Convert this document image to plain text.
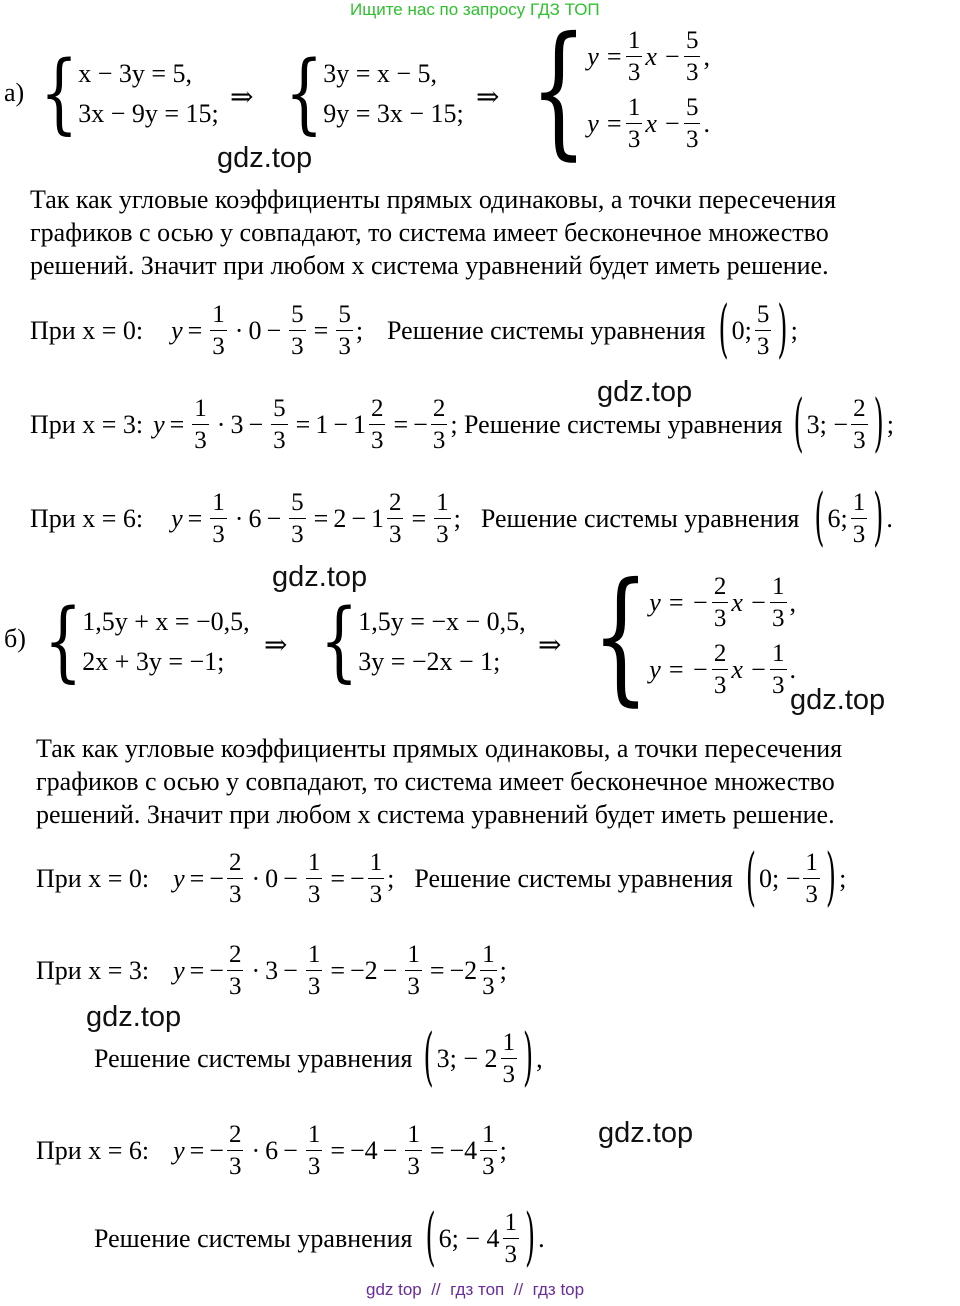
Ищите нас по запросу ГДЗ ТОП
а) { x − 3y = 5,
3x − 9y = 15;
⇒ { 3y = x − 5,
9y = 3x − 15;
⇒ { $y = \frac{1}{3}$ $x - \frac{5}{3}$ ,
$y = \frac{1}{3}$ $x - \frac{5}{3}$ .
gdz.top
Так как угловые коэффициенты прямых одинаковы, а точки пересечения
графиков с осью y совпадают, то система имеет бесконечное множество
решений. Значит при любом x система уравнений будет иметь решение.
При x = 0: $y = \frac{1}{3} \cdot 0 - \frac{5}{3} = \frac{5}{3}$ ; Решение системы уравнения ( 0; $\frac{5}{3}$ ) ;
gdz.top
При x = 3: $y = \frac{1}{3} \cdot 3 - \frac{5}{3} = 1 - 1 \frac{2}{3}$ = − $\frac{2}{3}$ ; Решение системы уравнения ( 3; − $\frac{2}{3}$ ) ;
При x = 6: $y = \frac{1}{3} \cdot 6 - \frac{5}{3} = 2 - 1 \frac{2}{3} = \frac{1}{3}$ ; Решение системы уравнения ( 6; $\frac{1}{3}$ ) .
gdz.top
б) { 1,5y + x = −0,5,
2x + 3y = −1;
⇒ { 1,5y = −x − 0,5,
3y = −2x − 1;
⇒ { y = − $\frac{2}{3}$ $x - \frac{1}{3}$ ,
y = − $\frac{2}{3}$ $x - \frac{1}{3}$ .
gdz.top
Так как угловые коэффициенты прямых одинаковы, а точки пересечения
графиков с осью y совпадают, то система имеет бесконечное множество
решений. Значит при любом x система уравнений будет иметь решение.
При x = 0: y = − $\frac{2}{3} \cdot 0 - \frac{1}{3}$ = − $\frac{1}{3}$ ; Решение системы уравнения ( 0; − $\frac{1}{3}$ ) ;
При x = 3: y = − $\frac{2}{3} \cdot 3 - \frac{1}{3} = -2 - \frac{1}{3} = -2 \frac{1}{3}$ ;
gdz.top
Решение системы уравнения ( 3; − $2 \frac{1}{3}$ ) ,
gdz.top
При x = 6: y = − $\frac{2}{3} \cdot 6 - \frac{1}{3} = -4 - \frac{1}{3} = -4 \frac{1}{3}$ ;
Решение системы уравнения ( 6; − $4 \frac{1}{3}$ ) .
gdz top  //  гдз топ  //  гдз top
